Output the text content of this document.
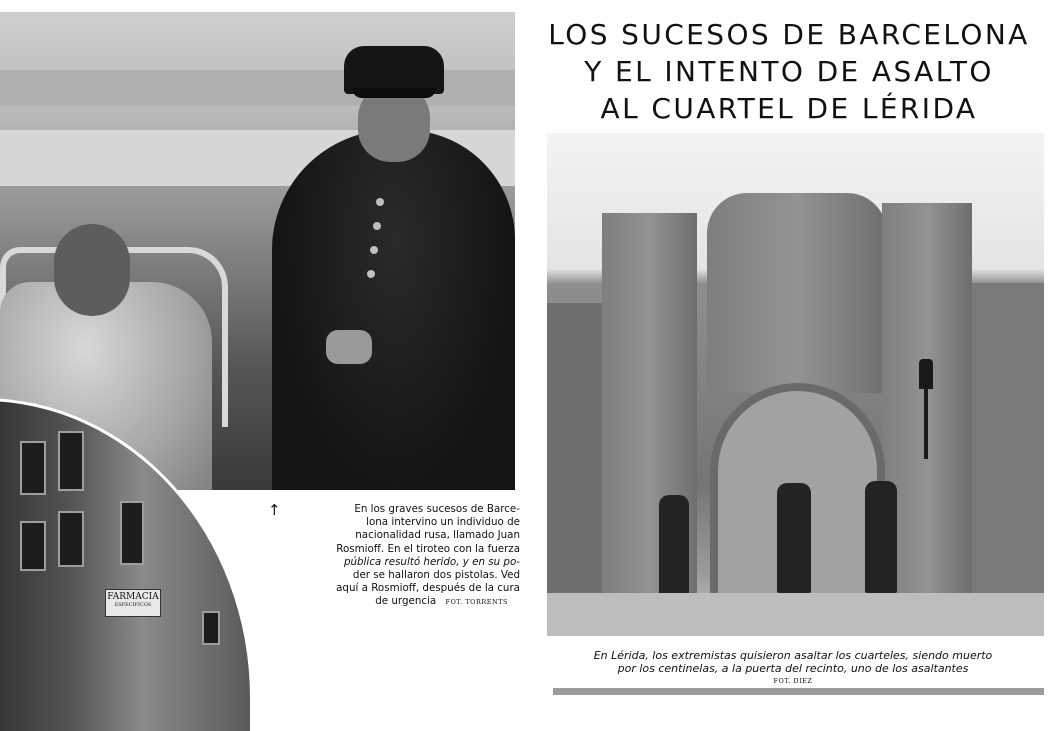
FARMACIA
ESPECIFICOS
↑	En los graves sucesos de Barce-
lona intervino un individuo de
nacionalidad rusa, llamado Juan
Rosmioff. En el tiroteo con la fuerza
pública resultó herido, y en su po-
der se hallaron dos pistolas. Ved
aquí a Rosmioff, después de la cura
de urgencia FOT. TORRENTS
LOS SUCESOS DE BARCELONA
Y EL INTENTO DE ASALTO
AL CUARTEL DE LÉRIDA
En Lérida, los extremistas quisieron asaltar los cuarteles, siendo muerto
por los centinelas, a la puerta del recinto, uno de los asaltantes
FOT. DIEZ
